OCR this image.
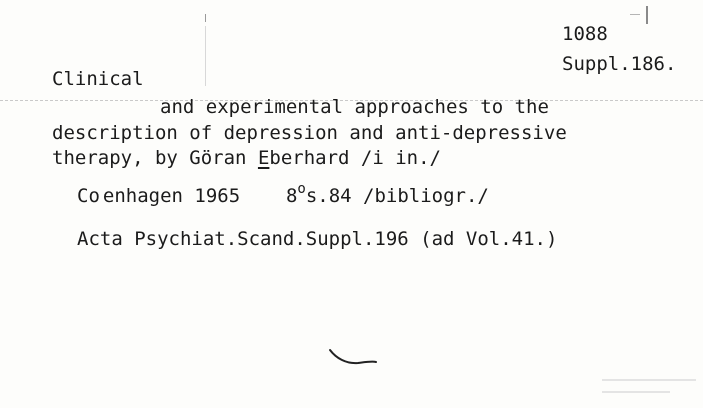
1088

Suppl.186.

Clinical

and experimental approaches to the

description of depression and anti-depressive

therapy, by Göran Eberhard /i in./

Co enhagen 1965 8$^o$s.84 /bibliogr./

Acta Psychiat.Scand.Suppl.196 (ad Vol.41.)
